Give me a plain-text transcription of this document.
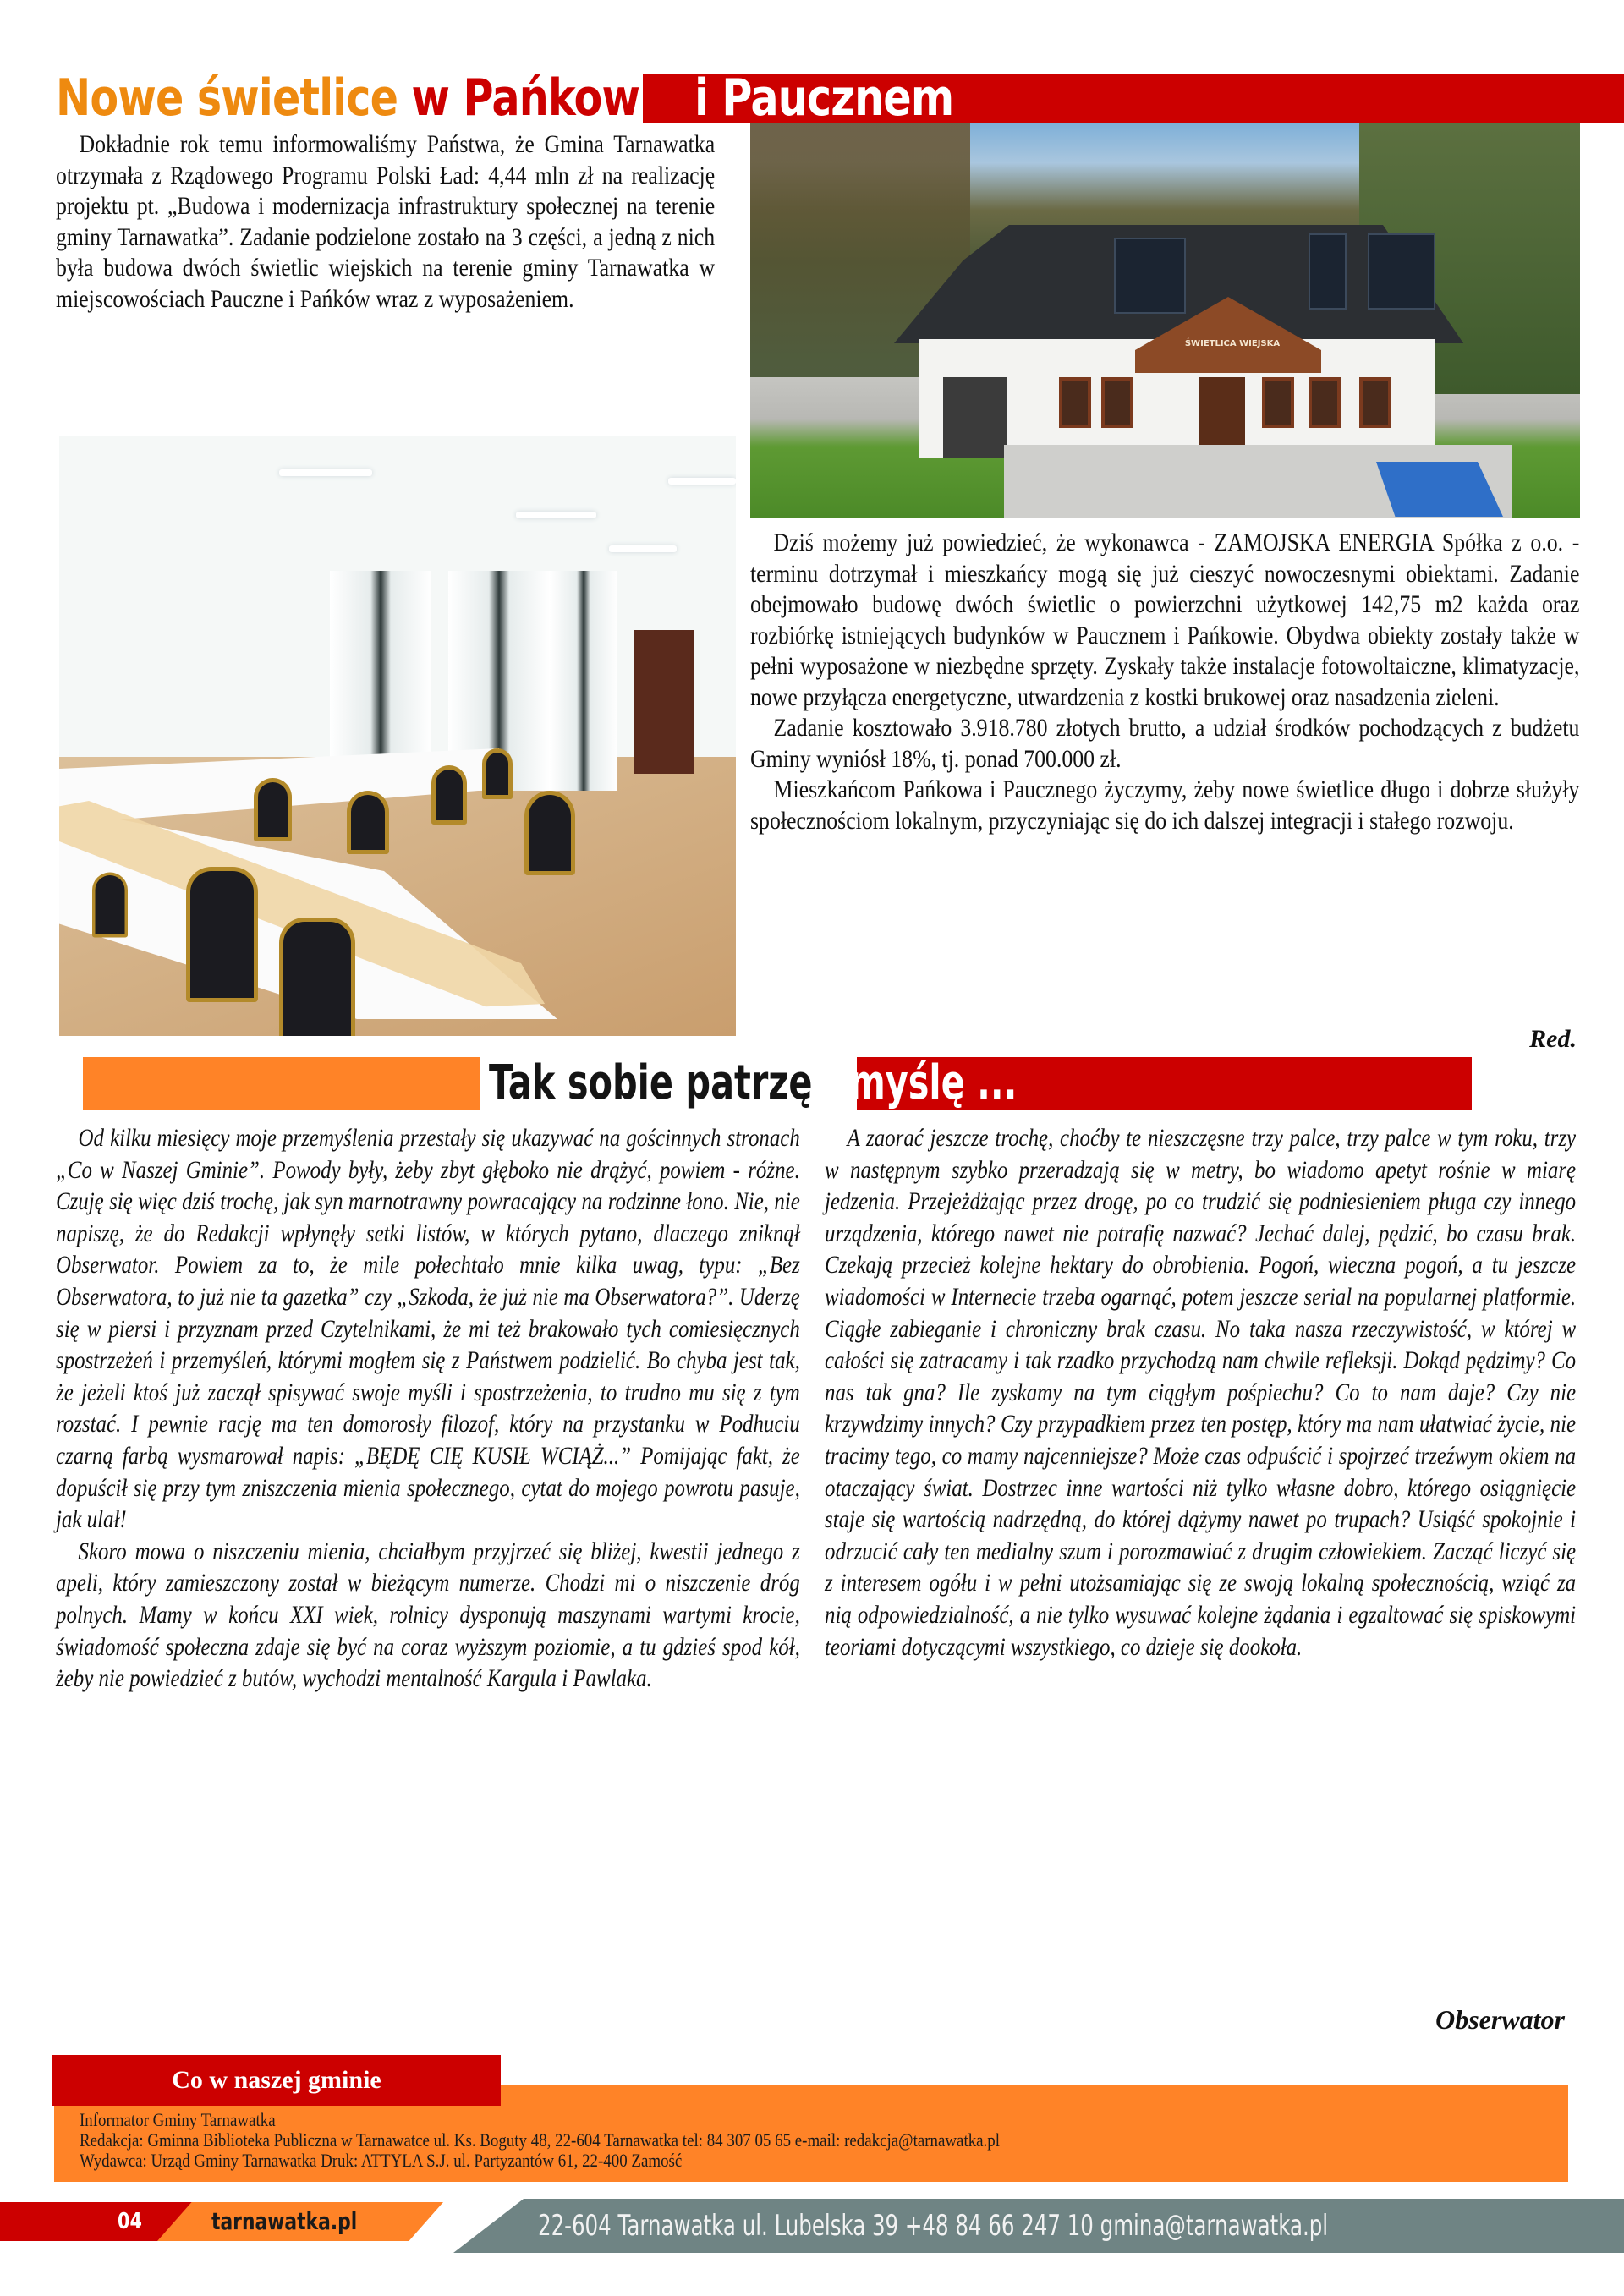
ŚWIETLICA WIEJSKA
Nowe świetlice w Pańkowie i Paucznem

Dokładnie rok temu informowaliśmy Państwa, że Gmina Tarnawatka otrzymała z Rządowego Programu Polski Ład: 4,44 mln zł na realizację projektu pt. „Budowa i modernizacja infrastruktury społecznej na terenie gminy Tarnawatka”. Zadanie podzielone zostało na 3 części, a jedną z nich była budowa dwóch świetlic wiejskich na terenie gminy Tarnawatka w miejscowościach Pauczne i Pańków wraz z wyposażeniem.

Dziś możemy już powiedzieć, że wykonawca - ZAMOJSKA ENERGIA Spółka z o.o. - terminu dotrzymał i mieszkańcy mogą się już cieszyć nowoczesnymi obiektami. Zadanie obejmowało budowę dwóch świetlic o powierzchni użytkowej 142,75 m2 każda oraz rozbiórkę istniejących budynków w Paucznem i Pańkowie. Obydwa obiekty zostały także w pełni wyposażone w niezbędne sprzęty. Zyskały także instalacje fotowoltaiczne, klimatyzacje, nowe przyłącza energetyczne, utwardzenia z kostki brukowej oraz nasadzenia zieleni.

Zadanie kosztowało 3.918.780 złotych brutto, a udział środków pochodzących z budżetu Gminy wyniósł 18%, tj. ponad 700.000 zł.

Mieszkańcom Pańkowa i Paucznego życzymy, żeby nowe świetlice długo i dobrze służyły społecznościom lokalnym, przyczyniając się do ich dalszej integracji i stałego rozwoju.

Red.
Tak sobie patrzę i myślę ...

Od kilku miesięcy moje przemyślenia przestały się ukazywać na gościnnych stronach „Co w Naszej Gminie”. Powody były, żeby zbyt głęboko nie drążyć, powiem - różne. Czuję się więc dziś trochę, jak syn marnotrawny powracający na rodzinne łono. Nie, nie napiszę, że do Redakcji wpłynęły setki listów, w których pytano, dlaczego zniknął Obserwator. Powiem za to, że mile połechtało mnie kilka uwag, typu: „Bez Obserwatora, to już nie ta gazetka” czy „Szkoda, że już nie ma Obserwatora?”. Uderzę się w piersi i przyznam przed Czytelnikami, że mi też brakowało tych comiesięcznych spostrzeżeń i przemyśleń, którymi mogłem się z Państwem podzielić. Bo chyba jest tak, że jeżeli ktoś już zaczął spisywać swoje myśli i spostrzeżenia, to trudno mu się z tym rozstać. I pewnie rację ma ten domorosły filozof, który na przystanku w Podhuciu czarną farbą wysmarował napis: „BĘDĘ CIĘ KUSIŁ WCIĄŻ...” Pomijając fakt, że dopuścił się przy tym zniszczenia mienia społecznego, cytat do mojego powrotu pasuje, jak ulał!

Skoro mowa o niszczeniu mienia, chciałbym przyjrzeć się bliżej, kwestii jednego z apeli, który zamieszczony został w bieżącym numerze. Chodzi mi o niszczenie dróg polnych. Mamy w końcu XXI wiek, rolnicy dysponują maszynami wartymi krocie, świadomość społeczna zdaje się być na coraz wyższym poziomie, a tu gdzieś spod kół, żeby nie powiedzieć z butów, wychodzi mentalność Kargula i Pawlaka.

A zaorać jeszcze trochę, choćby te nieszczęsne trzy palce, trzy palce w tym roku, trzy w następnym szybko przeradzają się w metry, bo wiadomo apetyt rośnie w miarę jedzenia. Przejeżdżając przez drogę, po co trudzić się podniesieniem pługa czy innego urządzenia, którego nawet nie potrafię nazwać? Jechać dalej, pędzić, bo czasu brak. Czekają przecież kolejne hektary do obrobienia. Pogoń, wieczna pogoń, a tu jeszcze wiadomości w Internecie trzeba ogarnąć, potem jeszcze serial na popularnej platformie. Ciągłe zabieganie i chroniczny brak czasu. No taka nasza rzeczywistość, w której w całości się zatracamy i tak rzadko przychodzą nam chwile refleksji. Dokąd pędzimy? Co nas tak gna? Ile zyskamy na tym ciągłym pośpiechu? Co to nam daje? Czy nie krzywdzimy innych? Czy przypadkiem przez ten postęp, który ma nam ułatwiać życie, nie tracimy tego, co mamy najcenniejsze? Może czas odpuścić i spojrzeć trzeźwym okiem na otaczający świat. Dostrzec inne wartości niż tylko własne dobro, którego osiągnięcie staje się wartością nadrzędną, do której dążymy nawet po trupach? Usiąść spokojnie i odrzucić cały ten medialny szum i porozmawiać z drugim człowiekiem. Zacząć liczyć się z interesem ogółu i w pełni utożsamiając się ze swoją lokalną społecznością, wziąć za nią odpowiedzialność, a nie tylko wysuwać kolejne żądania i egzaltować się spiskowymi teoriami dotyczącymi wszystkiego, co dzieje się dookoła.

Obserwator
Co w naszej gminie
Informator Gminy Tarnawatka
Redakcja: Gminna Biblioteka Publiczna w Tarnawatce ul. Ks. Boguty 48, 22-604 Tarnawatka tel: 84 307 05 65 e-mail: redakcja@tarnawatka.pl
Wydawca: Urząd Gminy Tarnawatka Druk: ATTYLA S.J. ul. Partyzantów 61, 22-400 Zamość
04	tarnawatka.pl	22-604 Tarnawatka ul. Lubelska 39 +48 84 66 247 10 gmina@tarnawatka.pl
